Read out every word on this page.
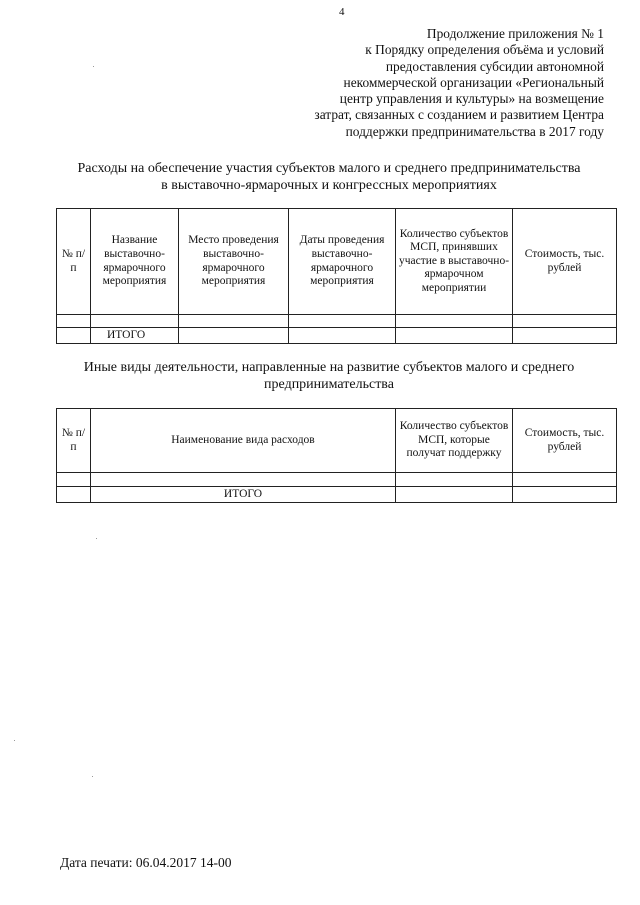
4
Продолжение приложения № 1
к Порядку определения объёма и условий
предоставления субсидии автономной
некоммерческой организации «Региональный
центр управления и культуры» на возмещение
затрат, связанных с созданием и развитием Центра
поддержки предпринимательства в 2017 году
Расходы на обеспечение участия субъектов малого и среднего предпринимательства
в выставочно-ярмарочных и конгрессных мероприятиях
№ п/п	Название выставочно-ярмарочного мероприятия	Место проведения выставочно-ярмарочного мероприятия	Даты проведения выставочно-ярмарочного мероприятия	Количество субъектов МСП, принявших участие в выставочно-ярмарочном мероприятии	Стоимость, тыс. рублей

	ИТОГО				
Иные виды деятельности, направленные на развитие субъектов малого и среднего
предпринимательства
№ п/п	Наименование вида расходов	Количество субъектов МСП, которые получат поддержку	Стоимость, тыс. рублей

	ИТОГО		
Дата печати: 06.04.2017 14-00
